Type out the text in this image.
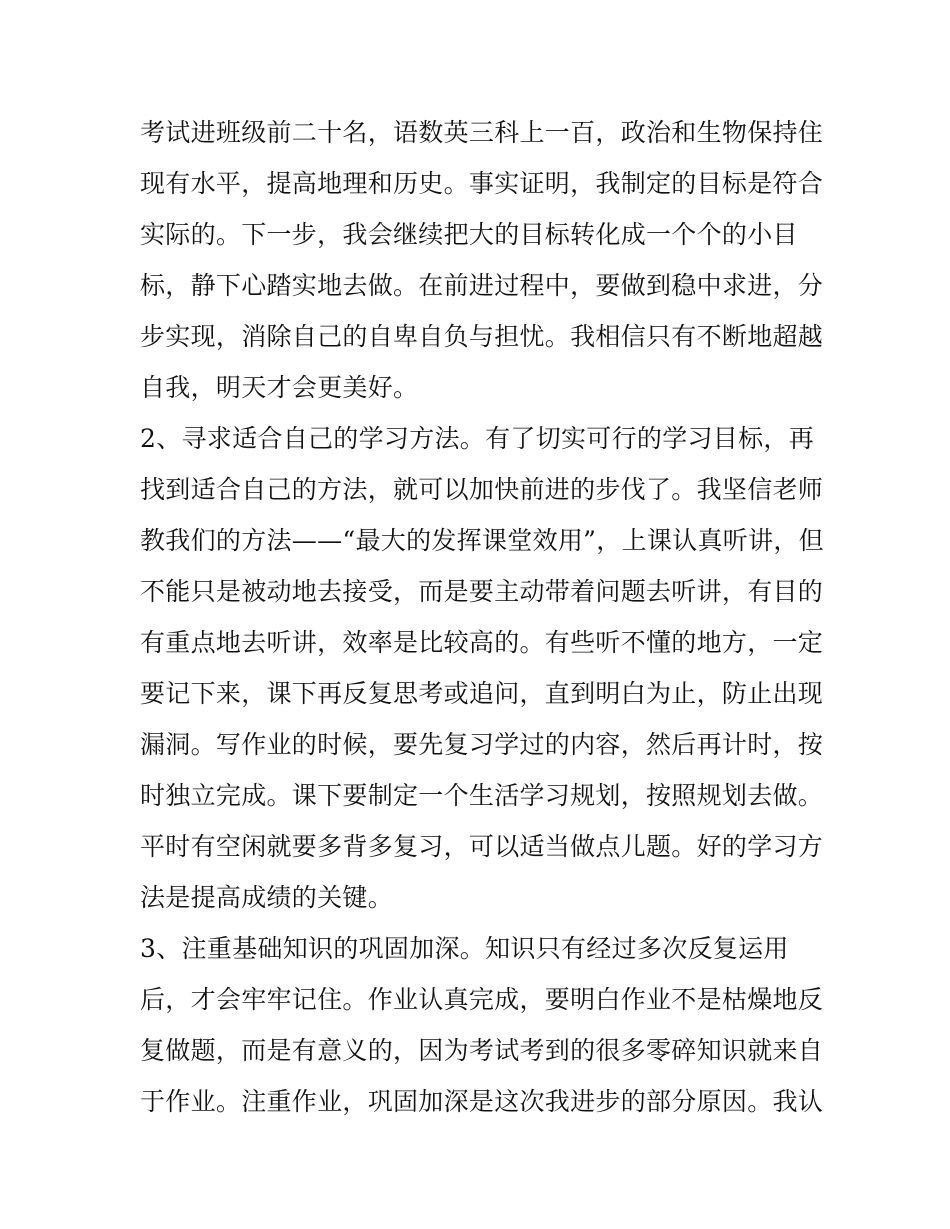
考试进班级前二十名，语数英三科上一百，政治和生物保持住
现有水平，提高地理和历史。事实证明，我制定的目标是符合
实际的。下一步，我会继续把大的目标转化成一个个的小目
标，静下心踏实地去做。在前进过程中，要做到稳中求进，分
步实现，消除自己的自卑自负与担忧。我相信只有不断地超越
自我，明天才会更美好。
2、寻求适合自己的学习方法。有了切实可行的学习目标，再
找到适合自己的方法，就可以加快前进的步伐了。我坚信老师
教我们的方法——“最大的发挥课堂效用”，上课认真听讲，但
不能只是被动地去接受，而是要主动带着问题去听讲，有目的
有重点地去听讲，效率是比较高的。有些听不懂的地方，一定
要记下来，课下再反复思考或追问，直到明白为止，防止出现
漏洞。写作业的时候，要先复习学过的内容，然后再计时，按
时独立完成。课下要制定一个生活学习规划，按照规划去做。
平时有空闲就要多背多复习，可以适当做点儿题。好的学习方
法是提高成绩的关键。
3、注重基础知识的巩固加深。知识只有经过多次反复运用
后，才会牢牢记住。作业认真完成，要明白作业不是枯燥地反
复做题，而是有意义的，因为考试考到的很多零碎知识就来自
于作业。注重作业，巩固加深是这次我进步的部分原因。我认
